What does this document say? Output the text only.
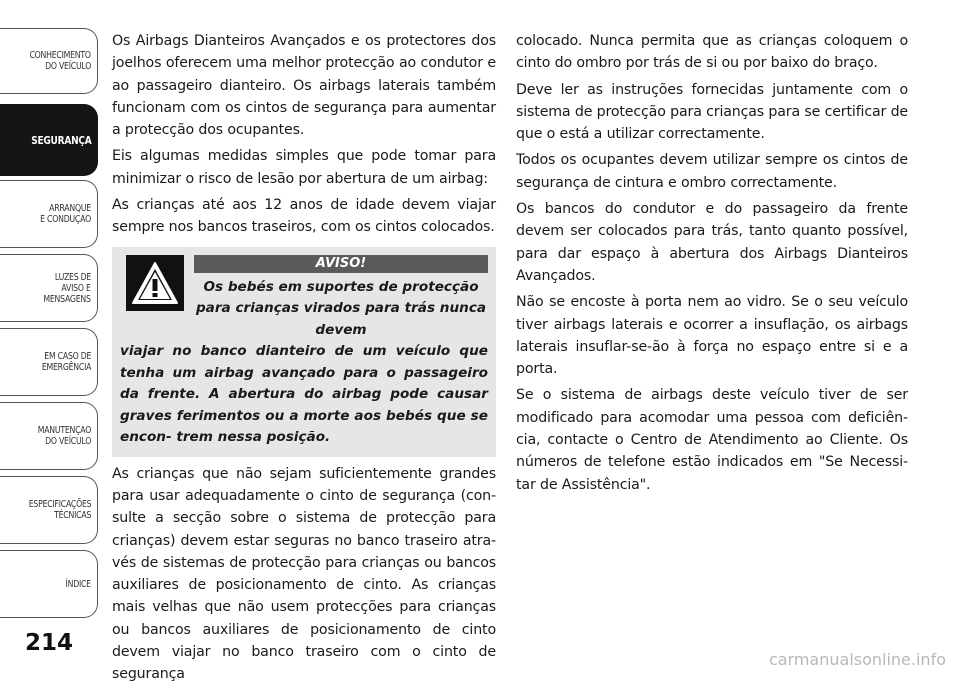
CONHECIMENTO
DO VEÍCULO
SEGURANÇA
ARRANQUE
E CONDUÇÃO
LUZES DE
AVISO E
MENSAGENS
EM CASO DE
EMERGÊNCIA
MANUTENÇÃO
DO VEÍCULO
ESPECIFICAÇÕES
TÉCNICAS
ÍNDICE
214

Os Airbags Dianteiros Avançados e os protectores dos joelhos oferecem uma melhor protecção ao condutor e ao passageiro dianteiro. Os airbags laterais também funcionam com os cintos de segurança para aumentar a protecção dos ocupantes.

Eis algumas medidas simples que pode tomar para minimizar o risco de lesão por abertura de um airbag:

As crianças até aos 12 anos de idade devem viajar sempre nos bancos traseiros, com os cintos colocados.

AVISO!
Os bebés em suportes de protecção para crianças virados para trás nunca devem
viajar no banco dianteiro de um veículo que tenha um airbag avançado para o passageiro da frente. A abertura do airbag pode causar graves ferimentos ou a morte aos bebés que se encon- trem nessa posição.

As crianças que não sejam suficientemente grandes para usar adequadamente o cinto de segurança (con- sulte a secção sobre o sistema de protecção para crianças) devem estar seguras no banco traseiro atra- vés de sistemas de protecção para crianças ou bancos auxiliares de posicionamento de cinto. As crianças mais velhas que não usem protecções para crianças ou bancos auxiliares de posicionamento de cinto devem viajar no banco traseiro com o cinto de segurança

colocado. Nunca permita que as crianças coloquem o cinto do ombro por trás de si ou por baixo do braço.

Deve ler as instruções fornecidas juntamente com o sistema de protecção para crianças para se certificar de que o está a utilizar correctamente.

Todos os ocupantes devem utilizar sempre os cintos de segurança de cintura e ombro correctamente.

Os bancos do condutor e do passageiro da frente devem ser colocados para trás, tanto quanto possível, para dar espaço à abertura dos Airbags Dianteiros Avançados.

Não se encoste à porta nem ao vidro. Se o seu veículo tiver airbags laterais e ocorrer a insuflação, os airbags laterais insuflar-se-ão à força no espaço entre si e a porta.

Se o sistema de airbags deste veículo tiver de ser modificado para acomodar uma pessoa com deficiên- cia, contacte o Centro de Atendimento ao Cliente. Os números de telefone estão indicados em "Se Necessi- tar de Assistência".

carmanualsonline.info
